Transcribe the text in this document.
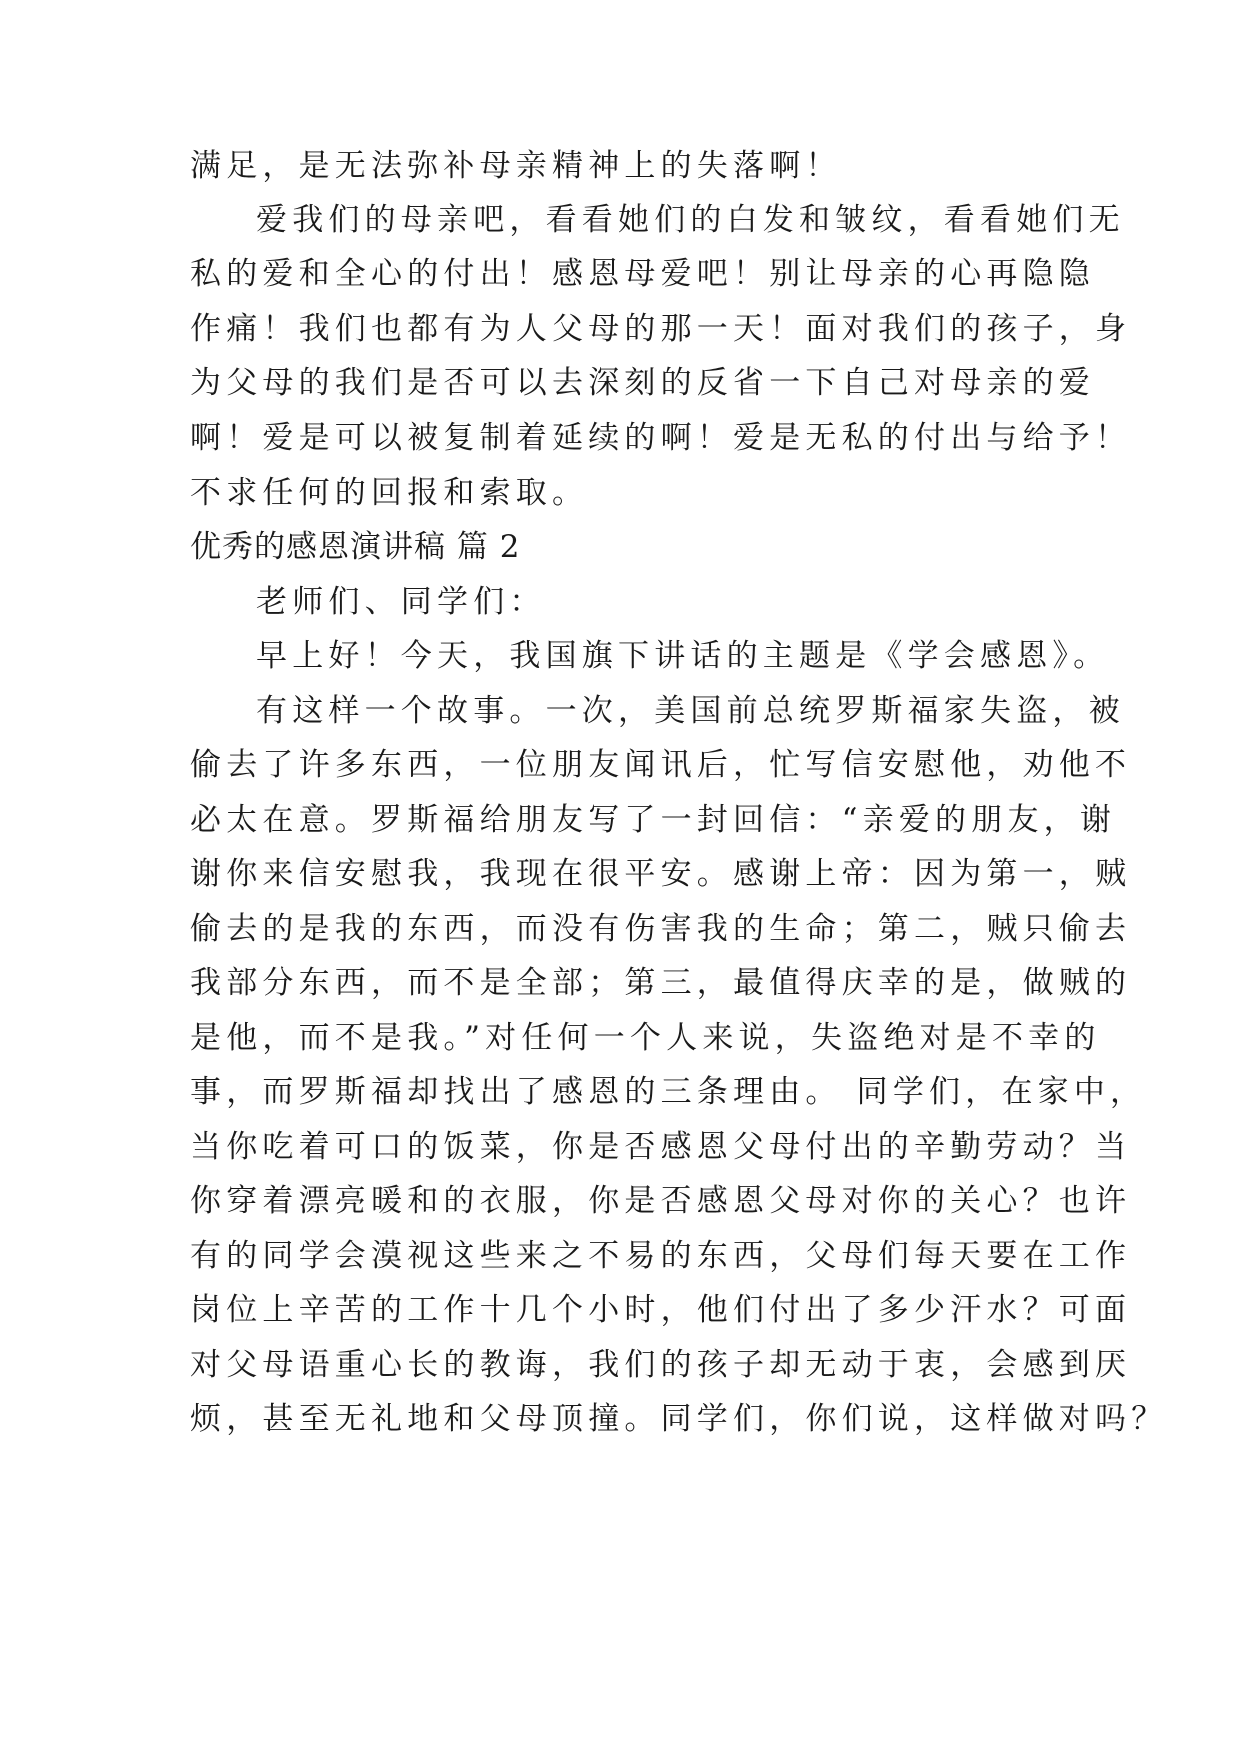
满足，是无法弥补母亲精神上的失落啊！
爱我们的母亲吧，看看她们的白发和皱纹，看看她们无
私的爱和全心的付出！感恩母爱吧！别让母亲的心再隐隐
作痛！我们也都有为人父母的那一天！面对我们的孩子，身
为父母的我们是否可以去深刻的反省一下自己对母亲的爱
啊！爱是可以被复制着延续的啊！爱是无私的付出与给予！
不求任何的回报和索取。
优秀的感恩演讲稿 篇 2
老师们、同学们：
早上好！今天，我国旗下讲话的主题是《学会感恩》。
有这样一个故事。一次，美国前总统罗斯福家失盗，被
偷去了许多东西，一位朋友闻讯后，忙写信安慰他，劝他不
必太在意。罗斯福给朋友写了一封回信：“亲爱的朋友，谢
谢你来信安慰我，我现在很平安。感谢上帝：因为第一，贼
偷去的是我的东西，而没有伤害我的生命；第二，贼只偷去
我部分东西，而不是全部；第三，最值得庆幸的是，做贼的
是他，而不是我。”对任何一个人来说，失盗绝对是不幸的
事，而罗斯福却找出了感恩的三条理由。 同学们，在家中，
当你吃着可口的饭菜，你是否感恩父母付出的辛勤劳动？当
你穿着漂亮暖和的衣服，你是否感恩父母对你的关心？也许
有的同学会漠视这些来之不易的东西，父母们每天要在工作
岗位上辛苦的工作十几个小时，他们付出了多少汗水？可面
对父母语重心长的教诲，我们的孩子却无动于衷，会感到厌
烦，甚至无礼地和父母顶撞。同学们，你们说，这样做对吗？
